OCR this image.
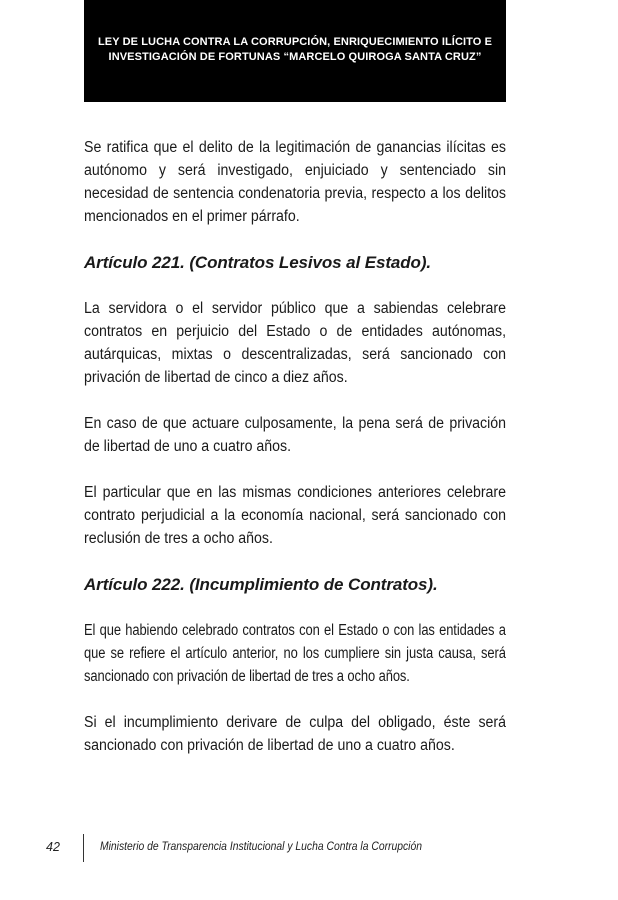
LEY DE LUCHA CONTRA LA CORRUPCIÓN, ENRIQUECIMIENTO ILÍCITO E
INVESTIGACIÓN DE FORTUNAS “MARCELO QUIROGA SANTA CRUZ”

Se ratifica que el delito de la legitimación de ganancias ilícitas es autónomo y será investigado, enjuiciado y sentenciado sin necesidad de sentencia condenatoria previa, respecto a los delitos mencionados en el primer párrafo.

Artículo 221. (Contratos Lesivos al Estado).

La servidora o el servidor público que a sabiendas celebrare contratos en perjuicio del Estado o de entidades autónomas, autárquicas, mixtas o descentralizadas, será sancionado con privación de libertad de cinco a diez años.

En caso de que actuare culposamente, la pena será de privación de libertad de uno a cuatro años.

El particular que en las mismas condiciones anteriores celebrare contrato perjudicial a la economía nacional, será sancionado con reclusión de tres a ocho años.

Artículo 222. (Incumplimiento de Contratos).

El que habiendo celebrado contratos con el Estado o con las entidades a que se refiere el artículo anterior, no los cumpliere sin justa causa, será sancionado con privación de libertad de tres a ocho años.

Si el incumplimiento derivare de culpa del obligado, éste será sancionado con privación de libertad de uno a cuatro años.

42	Ministerio de Transparencia Institucional y Lucha Contra la Corrupción
